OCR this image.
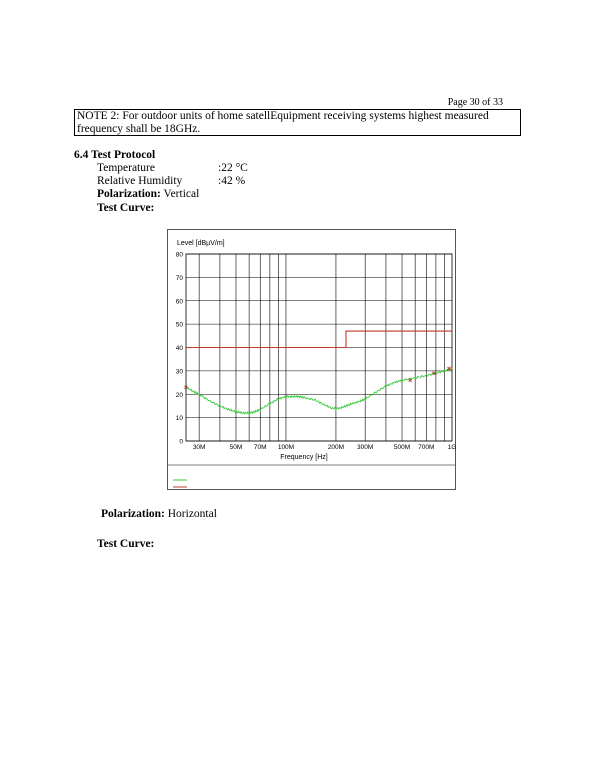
Page 30 of 33
NOTE 2: For outdoor units of home satellEquipment receiving systems highest measured frequency shall be 18GHz.
6.4 Test Protocol
Temperature	:22 °C
Relative Humidity	:42 %
Polarization: Vertical
Test Curve:
Level [dBµV/m]
0
10
20
30
40
50
60
70
80
30M	50M 70M 100M	200M 300M	500M 700M 1G
Frequency [Hz]
Polarization: Horizontal
Test Curve:
